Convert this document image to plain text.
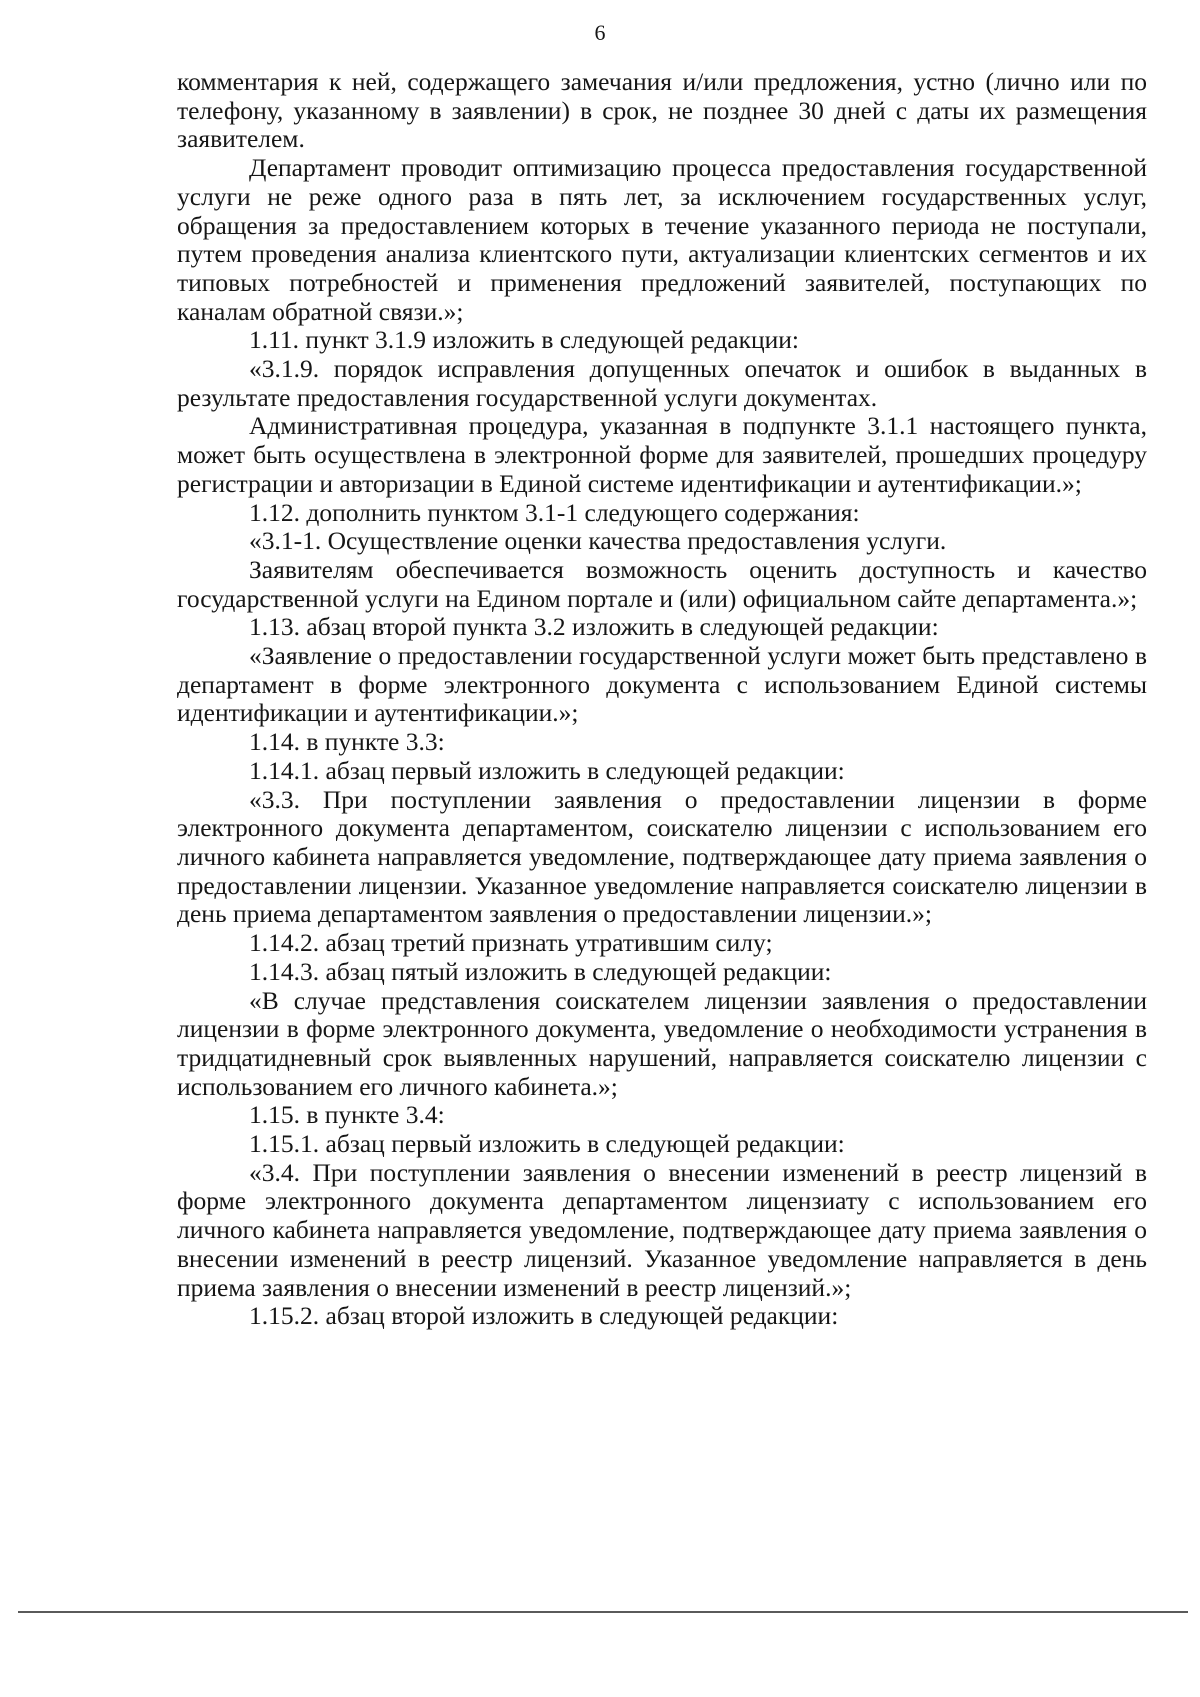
6

комментария к ней, содержащего замечания и/или предложения, устно (лично или по телефону, указанному в заявлении) в срок, не позднее 30 дней с даты их размещения заявителем.

Департамент проводит оптимизацию процесса предоставления государственной услуги не реже одного раза в пять лет, за исключением государственных услуг, обращения за предоставлением которых в течение указанного периода не поступали, путем проведения анализа клиентского пути, актуализации клиентских сегментов и их типовых потребностей и применения предложений заявителей, поступающих по каналам обратной связи.»;

1.11. пункт 3.1.9 изложить в следующей редакции:

«3.1.9. порядок исправления допущенных опечаток и ошибок в выданных в результате предоставления государственной услуги документах.

Административная процедура, указанная в подпункте 3.1.1 настоящего пункта, может быть осуществлена в электронной форме для заявителей, прошедших процедуру регистрации и авторизации в Единой системе идентификации и аутентификации.»;

1.12. дополнить пунктом 3.1-1 следующего содержания:

«3.1-1. Осуществление оценки качества предоставления услуги.

Заявителям обеспечивается возможность оценить доступность и качество государственной услуги на Едином портале и (или) официальном сайте департамента.»;

1.13. абзац второй пункта 3.2 изложить в следующей редакции:

«Заявление о предоставлении государственной услуги может быть представлено в департамент в форме электронного документа с использованием Единой системы идентификации и аутентификации.»;

1.14. в пункте 3.3:

1.14.1. абзац первый изложить в следующей редакции:

«3.3. При поступлении заявления о предоставлении лицензии в форме электронного документа департаментом, соискателю лицензии с использованием его личного кабинета направляется уведомление, подтверждающее дату приема заявления о предоставлении лицензии. Указанное уведомление направляется соискателю лицензии в день приема департаментом заявления о предоставлении лицензии.»;

1.14.2. абзац третий признать утратившим силу;

1.14.3. абзац пятый изложить в следующей редакции:

«В случае представления соискателем лицензии заявления о предоставлении лицензии в форме электронного документа, уведомление о необходимости устранения в тридцатидневный срок выявленных нарушений, направляется соискателю лицензии с использованием его личного кабинета.»;

1.15. в пункте 3.4:

1.15.1. абзац первый изложить в следующей редакции:

«3.4. При поступлении заявления о внесении изменений в реестр лицензий в форме электронного документа департаментом лицензиату с использованием его личного кабинета направляется уведомление, подтверждающее дату приема заявления о внесении изменений в реестр лицензий. Указанное уведомление направляется в день приема заявления о внесении изменений в реестр лицензий.»;

1.15.2. абзац второй изложить в следующей редакции:
